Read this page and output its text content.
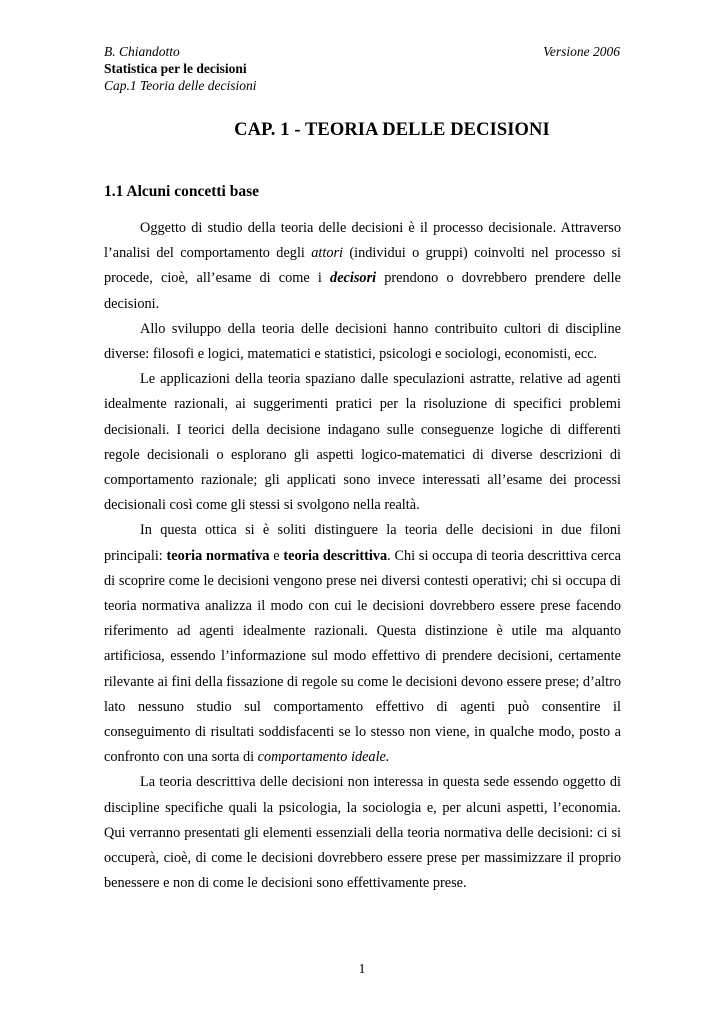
B. Chiandotto	Versione 2006
Statistica per le decisioni
Cap.1 Teoria delle decisioni
CAP. 1 - TEORIA DELLE DECISIONI
1.1 Alcuni concetti base

Oggetto di studio della teoria delle decisioni è il processo decisionale. Attraverso l’analisi del comportamento degli attori (individui o gruppi) coinvolti nel processo si procede, cioè, all’esame di come i decisori prendono o dovrebbero prendere delle decisioni.

Allo sviluppo della teoria delle decisioni hanno contribuito cultori di discipline diverse: filosofi e logici, matematici e statistici, psicologi e sociologi, economisti, ecc.

Le applicazioni della teoria spaziano dalle speculazioni astratte, relative ad agenti idealmente razionali, ai suggerimenti pratici per la risoluzione di specifici problemi decisionali. I teorici della decisione indagano sulle conseguenze logiche di differenti regole decisionali o esplorano gli aspetti logico-matematici di diverse descrizioni di comportamento razionale; gli applicati sono invece interessati all’esame dei processi decisionali così come gli stessi si svolgono nella realtà.

In questa ottica si è soliti distinguere la teoria delle decisioni in due filoni principali: teoria normativa e teoria descrittiva. Chi si occupa di teoria descrittiva cerca di scoprire come le decisioni vengono prese nei diversi contesti operativi; chi si occupa di teoria normativa analizza il modo con cui le decisioni dovrebbero essere prese facendo riferimento ad agenti idealmente razionali. Questa distinzione è utile ma alquanto artificiosa, essendo l’informazione sul modo effettivo di prendere decisioni, certamente rilevante ai fini della fissazione di regole su come le decisioni devono essere prese; d’altro lato nessuno studio sul comportamento effettivo di agenti può consentire il conseguimento di risultati soddisfacenti se lo stesso non viene, in qualche modo, posto a confronto con una sorta di comportamento ideale.

La teoria descrittiva delle decisioni non interessa in questa sede essendo oggetto di discipline specifiche quali la psicologia, la sociologia e, per alcuni aspetti, l’economia. Qui verranno presentati gli elementi essenziali della teoria normativa delle decisioni: ci si occuperà, cioè, di come le decisioni dovrebbero essere prese per massimizzare il proprio benessere e non di come le decisioni sono effettivamente prese.

1
